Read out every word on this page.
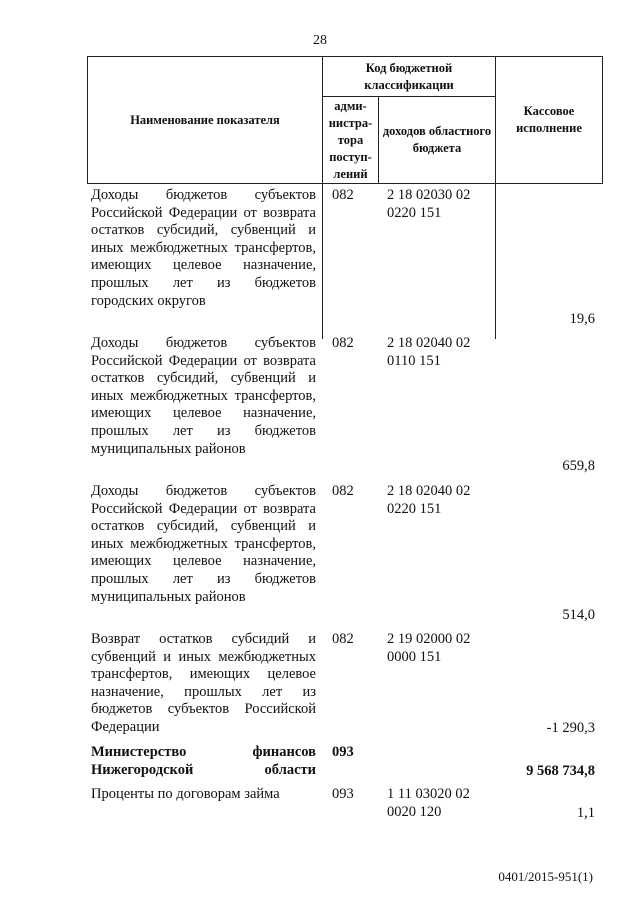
28
Наименование показателя
Код бюджетной классификации
адми-нистра-тора поступ-лений
доходов областного бюджета
Кассовое исполнение
Доходы бюджетов субъектов Российской Федерации от возврата остатков субсидий, субвенций и иных межбюджетных трансфертов, имеющих целевое назначение, прошлых лет из бюджетов городских округов
082 2 18 02030 02 0220 151
19,6
Доходы бюджетов субъектов Российской Федерации от возврата остатков субсидий, субвенций и иных межбюджетных трансфертов, имеющих целевое назначение, прошлых лет из бюджетов муниципальных районов
082 2 18 02040 02 0110 151
659,8
Доходы бюджетов субъектов Российской Федерации от возврата остатков субсидий, субвенций и иных межбюджетных трансфертов, имеющих целевое назначение, прошлых лет из бюджетов муниципальных районов
082 2 18 02040 02 0220 151
514,0
Возврат остатков субсидий и субвенций и иных межбюджетных трансфертов, имеющих целевое назначение, прошлых лет из бюджетов субъектов Российской Федерации
082 2 19 02000 02 0000 151
-1 290,3
Министерство финансов Нижегородской области
093
9 568 734,8
Проценты по договорам займа	093 1 11 03020 02 0020 120	1,1
0401/2015-951(1)
